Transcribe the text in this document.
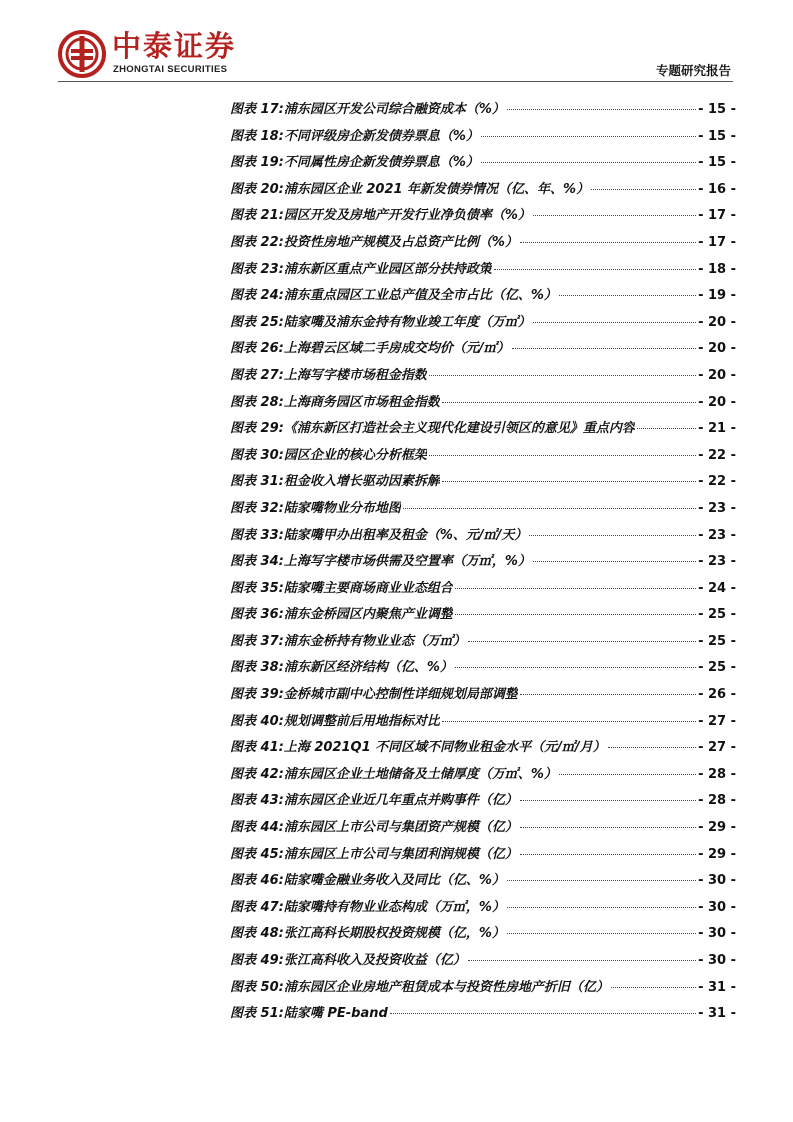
中泰证券
ZHONGTAI SECURITIES	专题研究报告
图表 17: 浦东园区开发公司综合融资成本（%）	- 15 -
图表 18: 不同评级房企新发债券票息（%）	- 15 -
图表 19: 不同属性房企新发债券票息（%）	- 15 -
图表 20: 浦东园区企业 2021 年新发债券情况（亿、年、%）	- 16 -
图表 21: 园区开发及房地产开发行业净负债率（%）	- 17 -
图表 22: 投资性房地产规模及占总资产比例（%）	- 17 -
图表 23: 浦东新区重点产业园区部分扶持政策	- 18 -
图表 24: 浦东重点园区工业总产值及全市占比（亿、%）	- 19 -
图表 25: 陆家嘴及浦东金持有物业竣工年度（万㎡）	- 20 -
图表 26: 上海碧云区域二手房成交均价（元/㎡）	- 20 -
图表 27: 上海写字楼市场租金指数	- 20 -
图表 28: 上海商务园区市场租金指数	- 20 -
图表 29: 《浦东新区打造社会主义现代化建设引领区的意见》重点内容	- 21 -
图表 30: 园区企业的核心分析框架	- 22 -
图表 31: 租金收入增长驱动因素拆解	- 22 -
图表 32: 陆家嘴物业分布地图	- 23 -
图表 33: 陆家嘴甲办出租率及租金（%、元/㎡/天）	- 23 -
图表 34: 上海写字楼市场供需及空置率（万㎡，%）	- 23 -
图表 35: 陆家嘴主要商场商业业态组合	- 24 -
图表 36: 浦东金桥园区内聚焦产业调整	- 25 -
图表 37: 浦东金桥持有物业业态（万㎡）	- 25 -
图表 38: 浦东新区经济结构（亿、%）	- 25 -
图表 39: 金桥城市副中心控制性详细规划局部调整	- 26 -
图表 40: 规划调整前后用地指标对比	- 27 -
图表 41: 上海 2021Q1 不同区域不同物业租金水平（元/㎡/月）	- 27 -
图表 42: 浦东园区企业土地储备及土储厚度（万㎡、%）	- 28 -
图表 43: 浦东园区企业近几年重点并购事件（亿）	- 28 -
图表 44: 浦东园区上市公司与集团资产规模（亿）	- 29 -
图表 45: 浦东园区上市公司与集团利润规模（亿）	- 29 -
图表 46: 陆家嘴金融业务收入及同比（亿、%）	- 30 -
图表 47: 陆家嘴持有物业业态构成（万㎡，%）	- 30 -
图表 48: 张江高科长期股权投资规模（亿，%）	- 30 -
图表 49: 张江高科收入及投资收益（亿）	- 30 -
图表 50: 浦东园区企业房地产租赁成本与投资性房地产折旧（亿）	- 31 -
图表 51: 陆家嘴 PE-band	- 31 -
